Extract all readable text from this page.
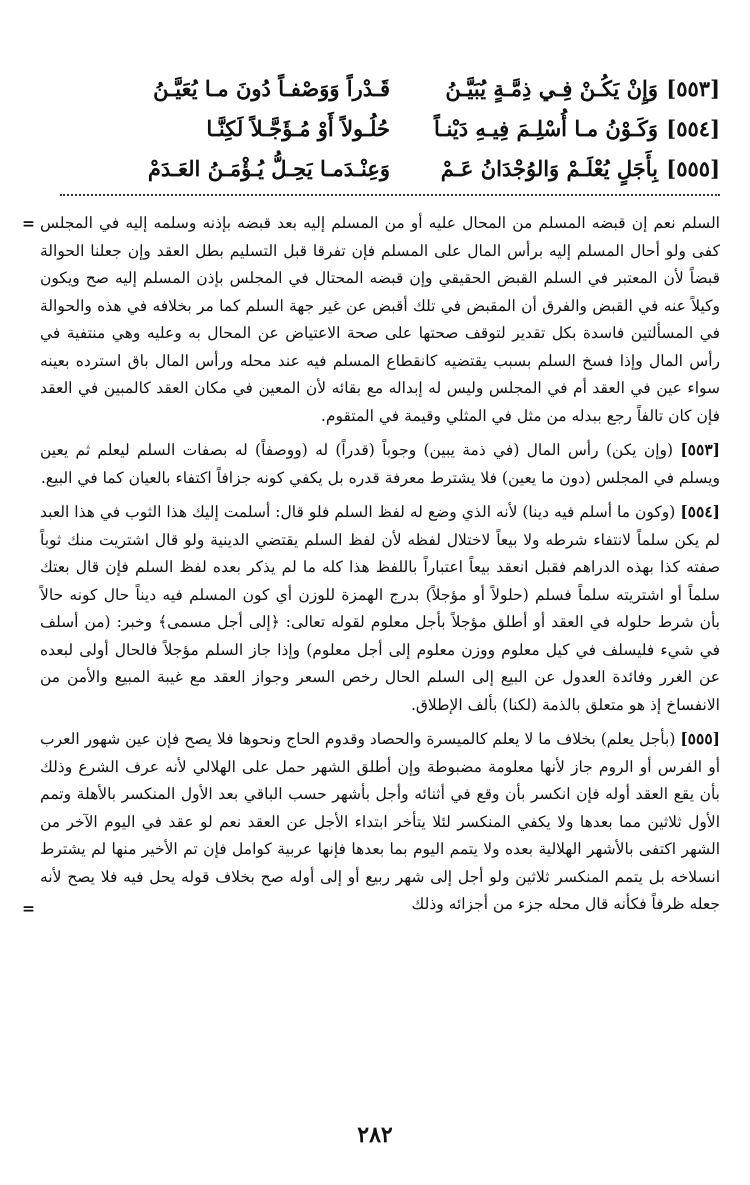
[٥٥٣]
وَإِنْ يَكُـنْ فِـي ذِمَّـةٍ يُبَيَّـنُ
قَـدْراً وَوَصْفـاً دُونَ مـا يُعَيَّـنُ
[٥٥٤]
وَكَـوْنُ مـا أُسْلِـمَ فِيـهِ دَيْنـاً
حُلُـولاً أَوْ مُـؤَجَّـلاً لَكِنَّـا
[٥٥٥]
بِأَجَلٍ يُعْلَـمْ وَالوُجْدَانُ عَـمْ
وَعِنْـدَمـا يَحِـلُّ يُـؤْمَـنُ العَـدَمْ
= السلم نعم إن قبضه المسلم من المحال عليه أو من المسلم إليه بعد قبضه بإذنه وسلمه إليه في المجلس كفى ولو أحال المسلم إليه برأس المال على المسلم فإن تفرقا قبل التسليم بطل العقد وإن جعلنا الحوالة قبضاً لأن المعتبر في السلم القبض الحقيقي وإن قبضه المحتال في المجلس بإذن المسلم إليه صح ويكون وكيلاً عنه في القبض والفرق أن المقبض في تلك أقبض عن غير جهة السلم كما مر بخلافه في هذه والحوالة في المسألتين فاسدة بكل تقدير لتوقف صحتها على صحة الاعتياض عن المحال به وعليه وهي منتفية في رأس المال وإذا فسخ السلم بسبب يقتضيه كانقطاع المسلم فيه عند محله ورأس المال باق استرده بعينه سواء عين في العقد أم في المجلس وليس له إبداله مع بقائه لأن المعين في مكان العقد كالمبين في العقد فإن كان تالفاً رجع ببدله من مثل في المثلي وقيمة في المتقوم.

[٥٥٣] (وإن يكن) رأس المال (في ذمة يبين) وجوباً (قدراً) له (ووصفاً) له بصفات السلم ليعلم ثم يعين ويسلم في المجلس (دون ما يعين) فلا يشترط معرفة قدره بل يكفي كونه جزافاً اكتفاء بالعيان كما في البيع.

[٥٥٤] (وكون ما أسلم فيه دينا) لأنه الذي وضع له لفظ السلم فلو قال: أسلمت إليك هذا الثوب في هذا العبد لم يكن سلماً لانتفاء شرطه ولا بيعاً لاختلال لفظه لأن لفظ السلم يقتضي الدينية ولو قال اشتريت منك ثوباً صفته كذا بهذه الدراهم فقبل انعقد بيعاً اعتباراً باللفظ هذا كله ما لم يذكر بعده لفظ السلم فإن قال بعتك سلماً أو اشتريته سلماً فسلم (حلولاً أو مؤجلاً) بدرج الهمزة للوزن أي كون المسلم فيه ديناً حال كونه حالاً بأن شرط حلوله في العقد أو أطلق مؤجلاً بأجل معلوم لقوله تعالى: ﴿إلى أجل مسمى﴾ وخبر: (من أسلف في شيء فليسلف في كيل معلوم ووزن معلوم إلى أجل معلوم) وإذا جاز السلم مؤجلاً فالحال أولى لبعده عن الغرر وفائدة العدول عن البيع إلى السلم الحال رخص السعر وجواز العقد مع غيبة المبيع والأمن من الانفساخ إذ هو متعلق بالذمة (لكنا) بألف الإطلاق.

[٥٥٥] (بأجل يعلم) بخلاف ما لا يعلم كالميسرة والحصاد وقدوم الحاج ونحوها فلا يصح فإن عين شهور العرب أو الفرس أو الروم جاز لأنها معلومة مضبوطة وإن أطلق الشهر حمل على الهلالي لأنه عرف الشرع وذلك بأن يقع العقد أوله فإن انكسر بأن وقع في أثنائه وأجل بأشهر حسب الباقي بعد الأول المنكسر بالأهلة وتمم الأول ثلاثين مما بعدها ولا يكفي المنكسر لئلا يتأخر ابتداء الأجل عن العقد نعم لو عقد في اليوم الآخر من الشهر اكتفى بالأشهر الهلالية بعده ولا يتمم اليوم بما بعدها فإنها عربية كوامل فإن تم الأخير منها لم يشترط انسلاخه بل يتمم المنكسر ثلاثين ولو أجل إلى شهر ربيع أو إلى أوله صح بخلاف قوله يحل فيه فلا يصح لأنه جعله ظرفاً فكأنه قال محله جزء من أجزائه وذلك

=
٢٨٢
